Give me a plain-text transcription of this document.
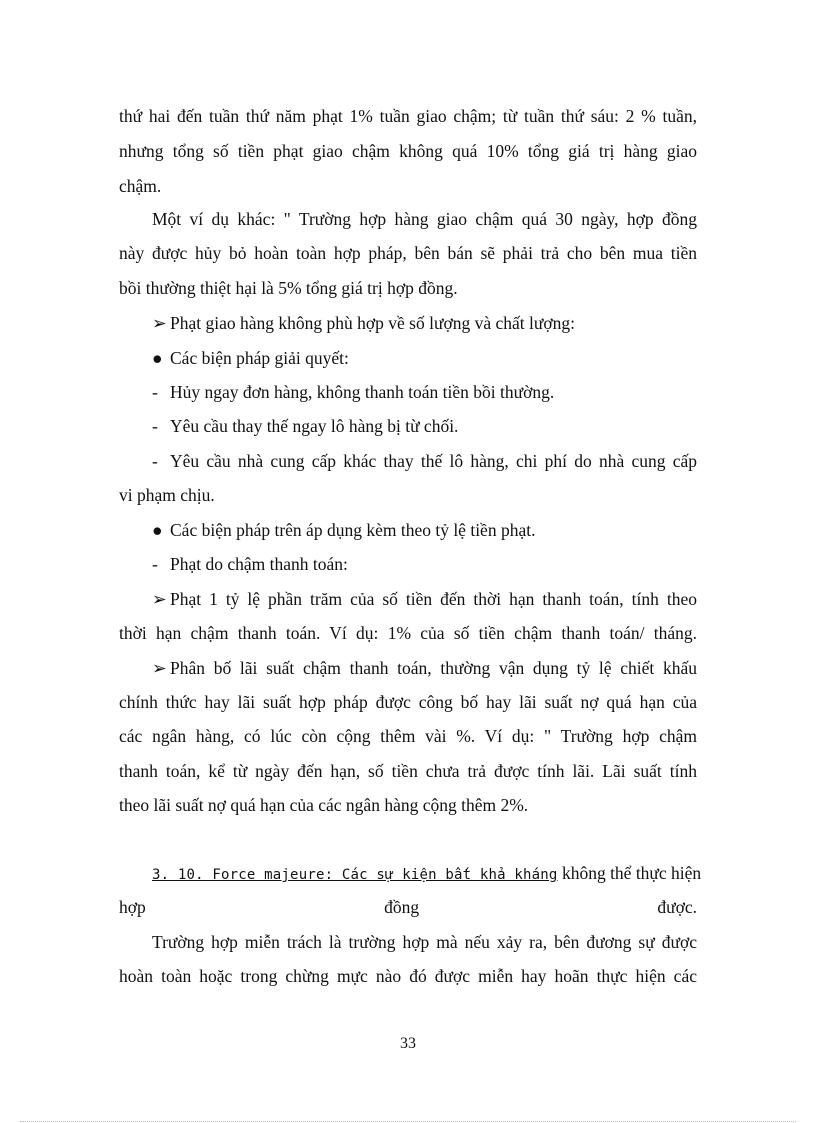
thứ hai đến tuần thứ năm phạt 1% tuần giao chậm; từ tuần thứ sáu: 2 % tuần,
nhưng tổng số tiền phạt giao chậm không quá 10% tổng giá trị hàng giao
chậm.
Một ví dụ khác: " Trường hợp hàng giao chậm quá 30 ngày, hợp đồng
này được hủy bỏ hoàn toàn hợp pháp, bên bán sẽ phải trả cho bên mua tiền
bồi thường thiệt hại là 5% tổng giá trị hợp đồng.
➢ Phạt giao hàng không phù hợp về số lượng và chất lượng:
● Các biện pháp giải quyết:
- Hủy ngay đơn hàng, không thanh toán tiền bồi thường.
- Yêu cầu thay thế ngay lô hàng bị từ chối.
- Yêu cầu nhà cung cấp khác thay thế lô hàng, chi phí do nhà cung cấp
vi phạm chịu.
● Các biện pháp trên áp dụng kèm theo tỷ lệ tiền phạt.
- Phạt do chậm thanh toán:
➢ Phạt 1 tỷ lệ phần trăm của số tiền đến thời hạn thanh toán, tính theo
thời hạn chậm thanh toán. Ví dụ: 1% của số tiền chậm thanh toán/ tháng.
➢ Phân bố lãi suất chậm thanh toán, thường vận dụng tỷ lệ chiết khấu
chính thức hay lãi suất hợp pháp được công bố hay lãi suất nợ quá hạn của
các ngân hàng, có lúc còn cộng thêm vài %. Ví dụ: " Trường hợp chậm
thanh toán, kể từ ngày đến hạn, số tiền chưa trả được tính lãi. Lãi suất tính
theo lãi suất nợ quá hạn của các ngân hàng cộng thêm 2%.
3. 10. Force majeure: Các sự kiện bất khả kháng không thể thực hiện
hợp	đồng	được.
Trường hợp miễn trách là trường hợp mà nếu xảy ra, bên đương sự được
hoàn toàn hoặc trong chừng mực nào đó được miễn hay hoãn thực hiện các
33
